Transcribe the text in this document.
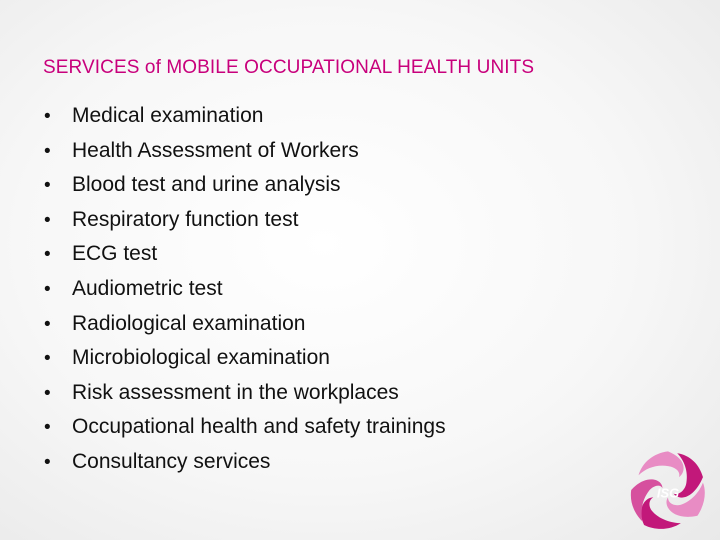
SERVICES of MOBILE OCCUPATIONAL HEALTH UNITS
•	Medical examination
•	Health Assessment of Workers
•	Blood test and urine analysis
•	Respiratory function test
•	ECG test
•	Audiometric test
•	Radiological examination
•	Microbiological examination
•	Risk assessment in the workplaces
•	Occupational health and safety trainings
•	Consultancy services
ISG
